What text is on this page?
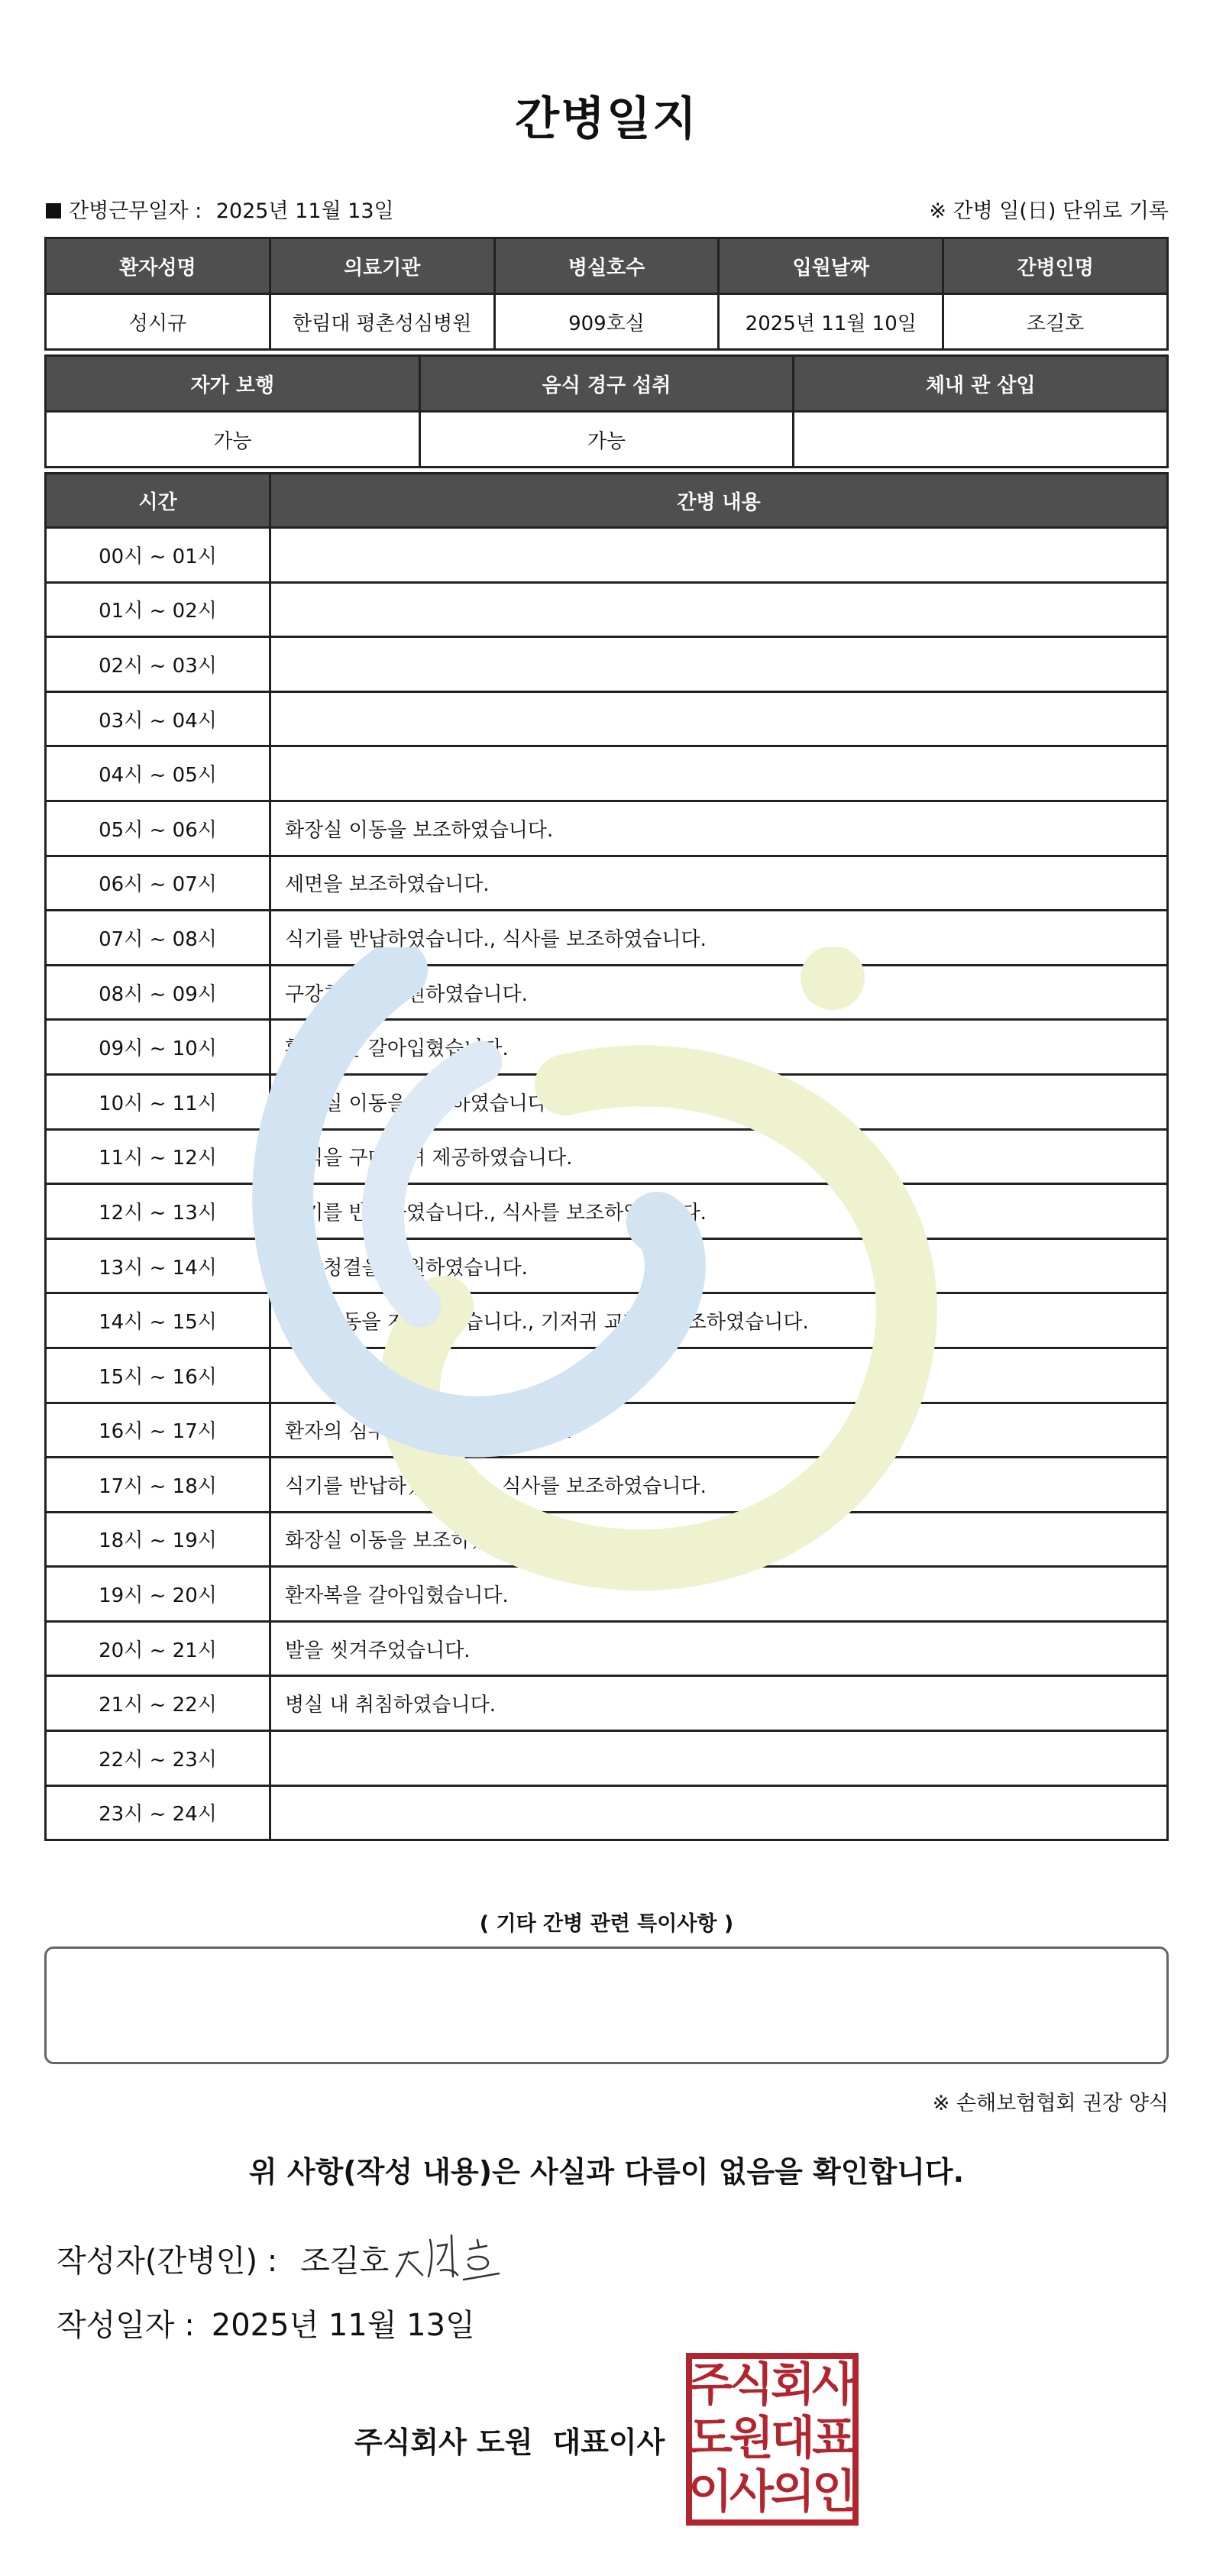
간병일지
간병근무일자 : 2025년 11월 13일	※ 간병 일(日) 단위로 기록
환자성명	의료기관	병실호수	입원날짜	간병인명
성시규	한림대 평촌성심병원	909호실	2025년 11월 10일	조길호
자가 보행	음식 경구 섭취	체내 관 삽입
가능	가능	
시간	간병 내용
00시 ~ 01시	
01시 ~ 02시	
02시 ~ 03시	
03시 ~ 04시	
04시 ~ 05시	
05시 ~ 06시	화장실 이동을 보조하였습니다.
06시 ~ 07시	세면을 보조하였습니다.
07시 ~ 08시	식기를 반납하였습니다., 식사를 보조하였습니다.
08시 ~ 09시	구강청결을 지원하였습니다.
09시 ~ 10시	환자복을 갈아입혔습니다.
10시 ~ 11시	화장실 이동을 보조하였습니다.
11시 ~ 12시	간식을 구매하여 제공하였습니다.
12시 ~ 13시	식기를 반납하였습니다., 식사를 보조하였습니다.
13시 ~ 14시	구강청결을 지원하였습니다.
14시 ~ 15시	재활운동을 지원하였습니다., 기저귀 교환을 보조하였습니다.
15시 ~ 16시	
16시 ~ 17시	환자의 심부름을 수행하였습니다.
17시 ~ 18시	식기를 반납하였습니다., 식사를 보조하였습니다.
18시 ~ 19시	화장실 이동을 보조하였습니다.
19시 ~ 20시	환자복을 갈아입혔습니다.
20시 ~ 21시	발을 씻겨주었습니다.
21시 ~ 22시	병실 내 취침하였습니다.
22시 ~ 23시	
23시 ~ 24시	
( 기타 간병 관련 특이사항 )
※ 손해보험협회 권장 양식
위 사항(작성 내용)은 사실과 다름이 없음을 확인합니다.
작성자(간병인) : 조길호
작성일자 : 2025년 11월 13일
주식회사 도원 대표이사
주
식
회
사
도
원
대
표
이
사
의
인
